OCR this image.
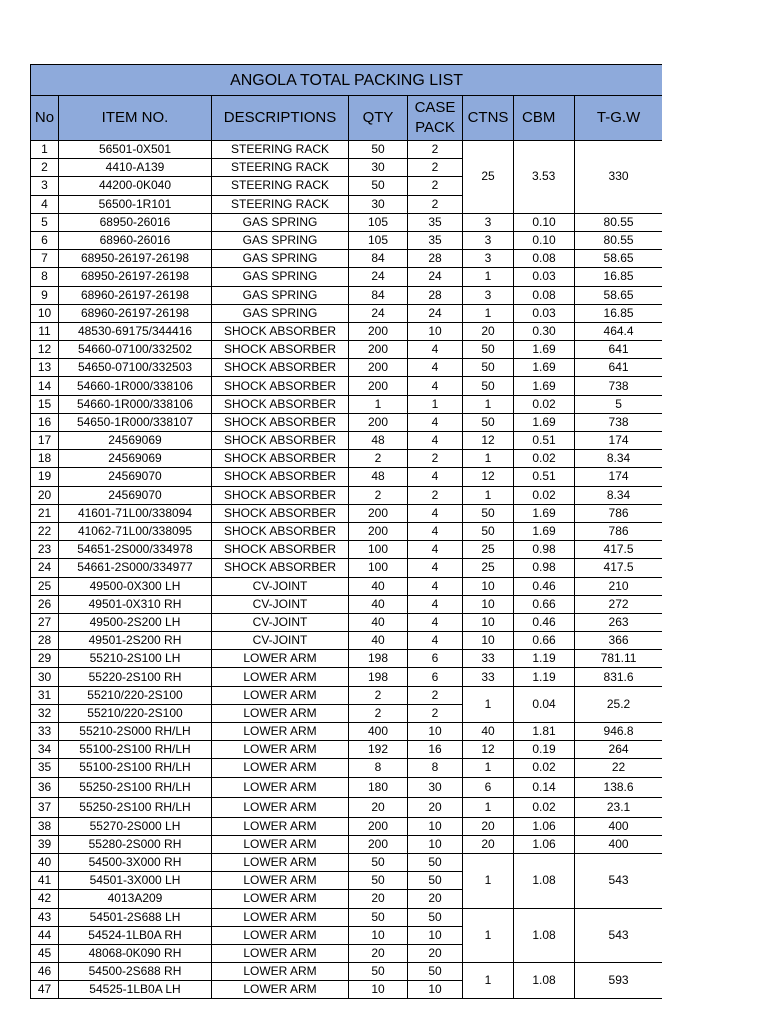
ANGOLA TOTAL PACKING LIST							
No	ITEM NO.	DESCRIPTIONS	QTY	CASE PACK	CTNS	CBM	T-G.W
1	56501-0X501	STEERING RACK	50	2	25	3.53	330
2	4410-A139	STEERING RACK	30	2			
3	44200-0K040	STEERING RACK	50	2			
4	56500-1R101	STEERING RACK	30	2			
5	68950-26016	GAS SPRING	105	35	3	0.10	80.55
6	68960-26016	GAS SPRING	105	35	3	0.10	80.55
7	68950-26197-26198	GAS SPRING	84	28	3	0.08	58.65
8	68950-26197-26198	GAS SPRING	24	24	1	0.03	16.85
9	68960-26197-26198	GAS SPRING	84	28	3	0.08	58.65
10	68960-26197-26198	GAS SPRING	24	24	1	0.03	16.85
11	48530-69175/344416	SHOCK ABSORBER	200	10	20	0.30	464.4
12	54660-07100/332502	SHOCK ABSORBER	200	4	50	1.69	641
13	54650-07100/332503	SHOCK ABSORBER	200	4	50	1.69	641
14	54660-1R000/338106	SHOCK ABSORBER	200	4	50	1.69	738
15	54660-1R000/338106	SHOCK ABSORBER	1	1	1	0.02	5
16	54650-1R000/338107	SHOCK ABSORBER	200	4	50	1.69	738
17	24569069	SHOCK ABSORBER	48	4	12	0.51	174
18	24569069	SHOCK ABSORBER	2	2	1	0.02	8.34
19	24569070	SHOCK ABSORBER	48	4	12	0.51	174
20	24569070	SHOCK ABSORBER	2	2	1	0.02	8.34
21	41601-71L00/338094	SHOCK ABSORBER	200	4	50	1.69	786
22	41062-71L00/338095	SHOCK ABSORBER	200	4	50	1.69	786
23	54651-2S000/334978	SHOCK ABSORBER	100	4	25	0.98	417.5
24	54661-2S000/334977	SHOCK ABSORBER	100	4	25	0.98	417.5
25	49500-0X300 LH	CV-JOINT	40	4	10	0.46	210
26	49501-0X310 RH	CV-JOINT	40	4	10	0.66	272
27	49500-2S200 LH	CV-JOINT	40	4	10	0.46	263
28	49501-2S200 RH	CV-JOINT	40	4	10	0.66	366
29	55210-2S100 LH	LOWER ARM	198	6	33	1.19	781.11
30	55220-2S100 RH	LOWER ARM	198	6	33	1.19	831.6
31	55210/220-2S100	LOWER ARM	2	2	1	0.04	25.2
32	55210/220-2S100	LOWER ARM	2	2			
33	55210-2S000 RH/LH	LOWER ARM	400	10	40	1.81	946.8
34	55100-2S100 RH/LH	LOWER ARM	192	16	12	0.19	264
35	55100-2S100 RH/LH	LOWER ARM	8	8	1	0.02	22
36	55250-2S100 RH/LH	LOWER ARM	180	30	6	0.14	138.6
37	55250-2S100 RH/LH	LOWER ARM	20	20	1	0.02	23.1
38	55270-2S000 LH	LOWER ARM	200	10	20	1.06	400
39	55280-2S000 RH	LOWER ARM	200	10	20	1.06	400
40	54500-3X000 RH	LOWER ARM	50	50	1	1.08	543
41	54501-3X000 LH	LOWER ARM	50	50			
42	4013A209	LOWER ARM	20	20			
43	54501-2S688 LH	LOWER ARM	50	50	1	1.08	543
44	54524-1LB0A RH	LOWER ARM	10	10			
45	48068-0K090 RH	LOWER ARM	20	20			
46	54500-2S688 RH	LOWER ARM	50	50	1	1.08	593
47	54525-1LB0A LH	LOWER ARM	10	10			
